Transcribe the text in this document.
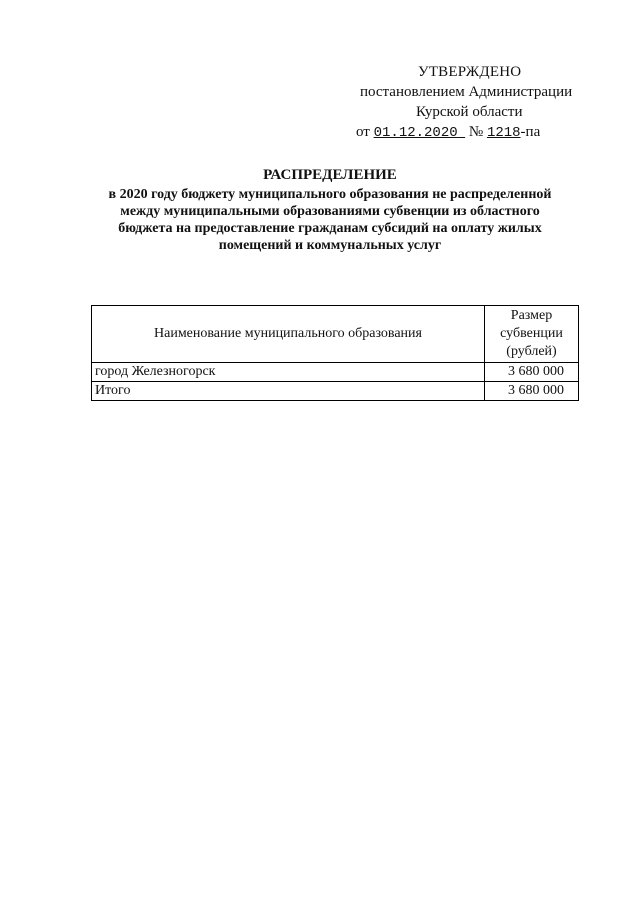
УТВЕРЖДЕНО
постановлением Администрации
Курской области
от 01.12.2020 № 1218-па
РАСПРЕДЕЛЕНИЕ
в 2020 году бюджету муниципального образования не распределенной
между муниципальными образованиями субвенции из областного
бюджета на предоставление гражданам субсидий на оплату жилых
помещений и коммунальных услуг
Наименование муниципального образования	Размер
субвенции
(рублей)

город Железногорск	3 680 000
Итого	3 680 000
